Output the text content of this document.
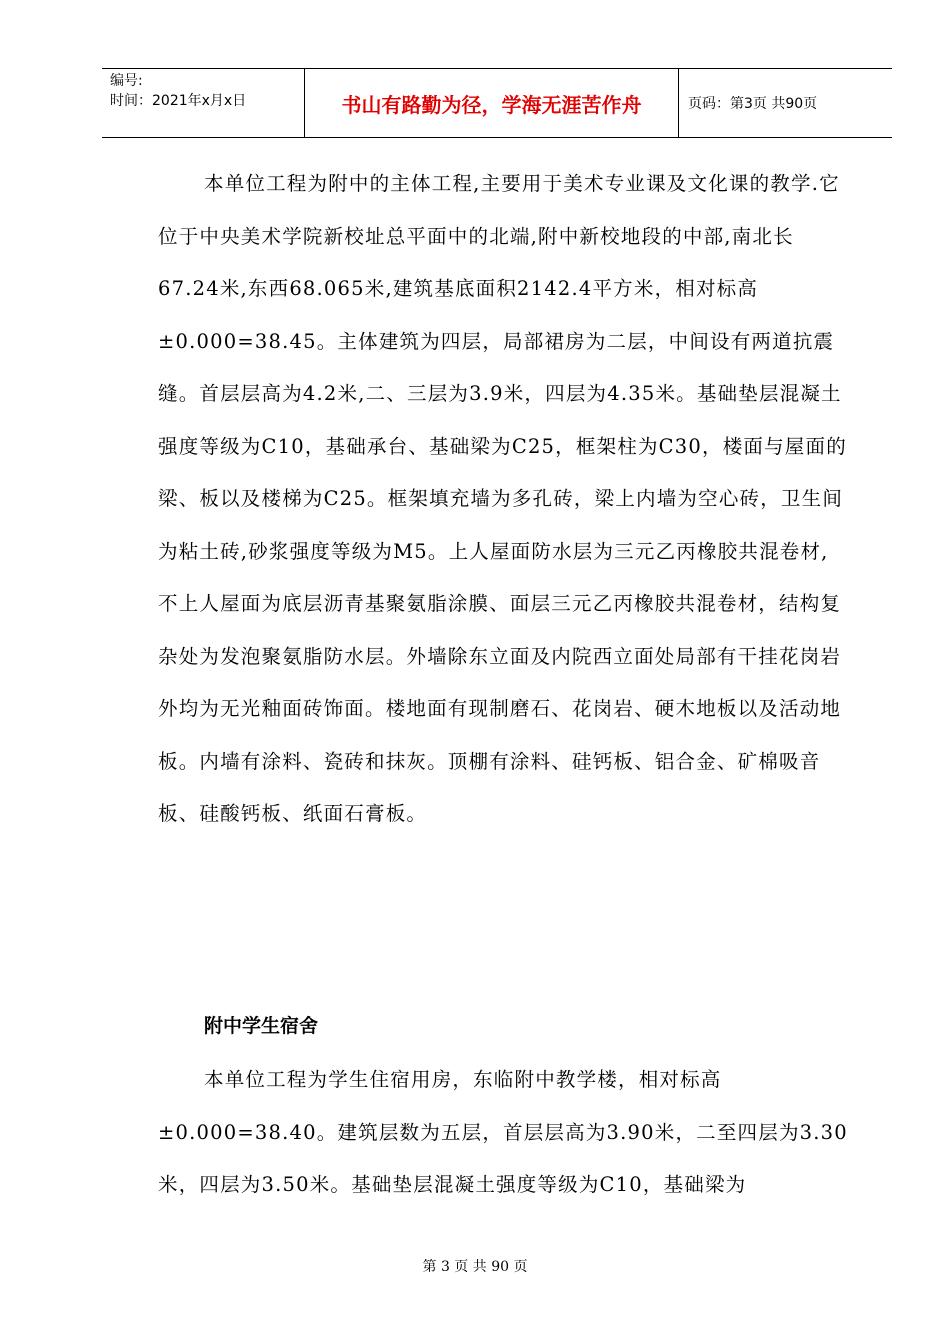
编号:
时间：2021年x月x日	书山有路勤为径，学海无涯苦作舟	页码：第3页 共90页

本单位工程为附中的主体工程,主要用于美术专业课及文化课的教学.它位于中央美术学院新校址总平面中的北端,附中新校地段的中部,南北长67.24米,东西68.065米,建筑基底面积2142.4平方米，相对标高±0.000=38.45。主体建筑为四层，局部裙房为二层，中间设有两道抗震缝。首层层高为4.2米,二、三层为3.9米，四层为4.35米。基础垫层混凝土强度等级为C10，基础承台、基础梁为C25，框架柱为C30，楼面与屋面的梁、板以及楼梯为C25。框架填充墙为多孔砖，梁上内墙为空心砖，卫生间为粘土砖,砂浆强度等级为M5。上人屋面防水层为三元乙丙橡胶共混卷材,不上人屋面为底层沥青基聚氨脂涂膜、面层三元乙丙橡胶共混卷材，结构复杂处为发泡聚氨脂防水层。外墙除东立面及内院西立面处局部有干挂花岗岩外均为无光釉面砖饰面。楼地面有现制磨石、花岗岩、硬木地板以及活动地板。内墙有涂料、瓷砖和抹灰。顶棚有涂料、硅钙板、铝合金、矿棉吸音板、硅酸钙板、纸面石膏板。

附中学生宿舍

本单位工程为学生住宿用房，东临附中教学楼，相对标高±0.000=38.40。建筑层数为五层，首层层高为3.90米，二至四层为3.30米，四层为3.50米。基础垫层混凝土强度等级为C10，基础梁为

第 3 页 共 90 页
